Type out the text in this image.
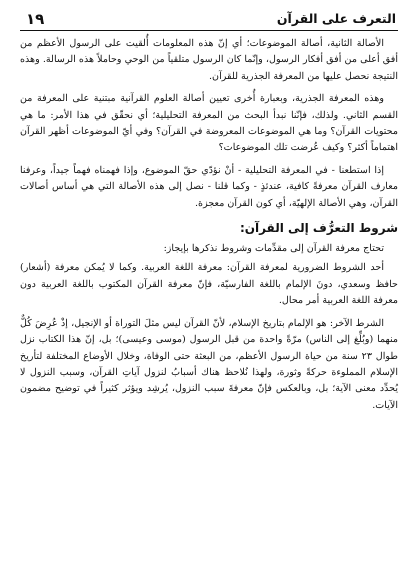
١٩	التعرف على القرآن

الأصالة الثانية، أصالة الموضوعات؛ أي إنّ هذه المعلومات أُلقيت على الرسول الأعظم من أفق أعلى من أفق أفكار الرسول، وإنّما كان الرسول متلقياً من الوحي وحاملاً هذه الرسالة. وهذه النتيجة نحصل عليها من المعرفة الجذرية للقرآن.

وهذه المعرفة الجذرية، وبعبارة أُخرى تعيين أصالة العلوم القرآنية مبتنية على المعرفة من القسم الثاني. ولذلك، فإنّنا نبدأ البحث من المعرفة التحليلية؛ أي نحقّق في هذا الأمر: ما هي محتويات القرآن؟ وما هي الموضوعات المعروضة في القرآن؟ وفي أيّ الموضوعات أظهر القرآن اهتماماً أكثر؟ وكيف عُرضت تلك الموضوعات؟

إذا استطعنا - في المعرفة التحليلية - أنْ نؤدّي حقّ الموضوع، وإذا فهمناه فهماً جيداً، وعرفنا معارف القرآن معرفةً كافية، عندئذٍ - وكما قلنا - نصل إلى هذه الأصالة التي هي أساس أصالات القرآن، وهي الأصالة الإلهيّة، أي كون القرآن معجزة.

شروط التعرُّف إلى القرآن:

تحتاج معرفة القرآن إلى مقدِّمات وشروط نذكرها بإيجاز:

أحد الشروط الضرورية لمعرفة القرآن: معرفة اللغة العربية. وكما لا يُمكن معرفة (أشعار) حافظ وسعدي، دونَ الإلمام باللغة الفارسيّة، فإنّ معرفة القرآن المكتوب باللغة العربية دون معرفة اللغة العربية أمر محال.

الشرط الآخر: هو الإلمام بتاريخ الإسلام، لأنّ القرآن ليس مثلَ التوراة أو الإنجيل، إذْ عُرِضَ كُلٌّ منهما (وبُلِّغ إلى الناس) مرّةً واحدة من قبل الرسول (موسى وعيسى)؛ بل، إنّ هذا الكتاب نزل طوال ٢٣ سنة من حياة الرسول الأعظم، من البعثة حتى الوفاة، وخلال الأوضاع المختلفة لتأريخ الإسلام المملوءة حركةً وثورة، ولهذا نُلاحظ هناك أسبابُ لنزول آياتِ القرآن، وسبب النزول لا يُحدِّد معنى الآية؛ بل، وبالعكس فإنّ معرفةَ سبب النزول، يُرشِد ويؤثر كثيراً في توضيح مضمون الآيات.
